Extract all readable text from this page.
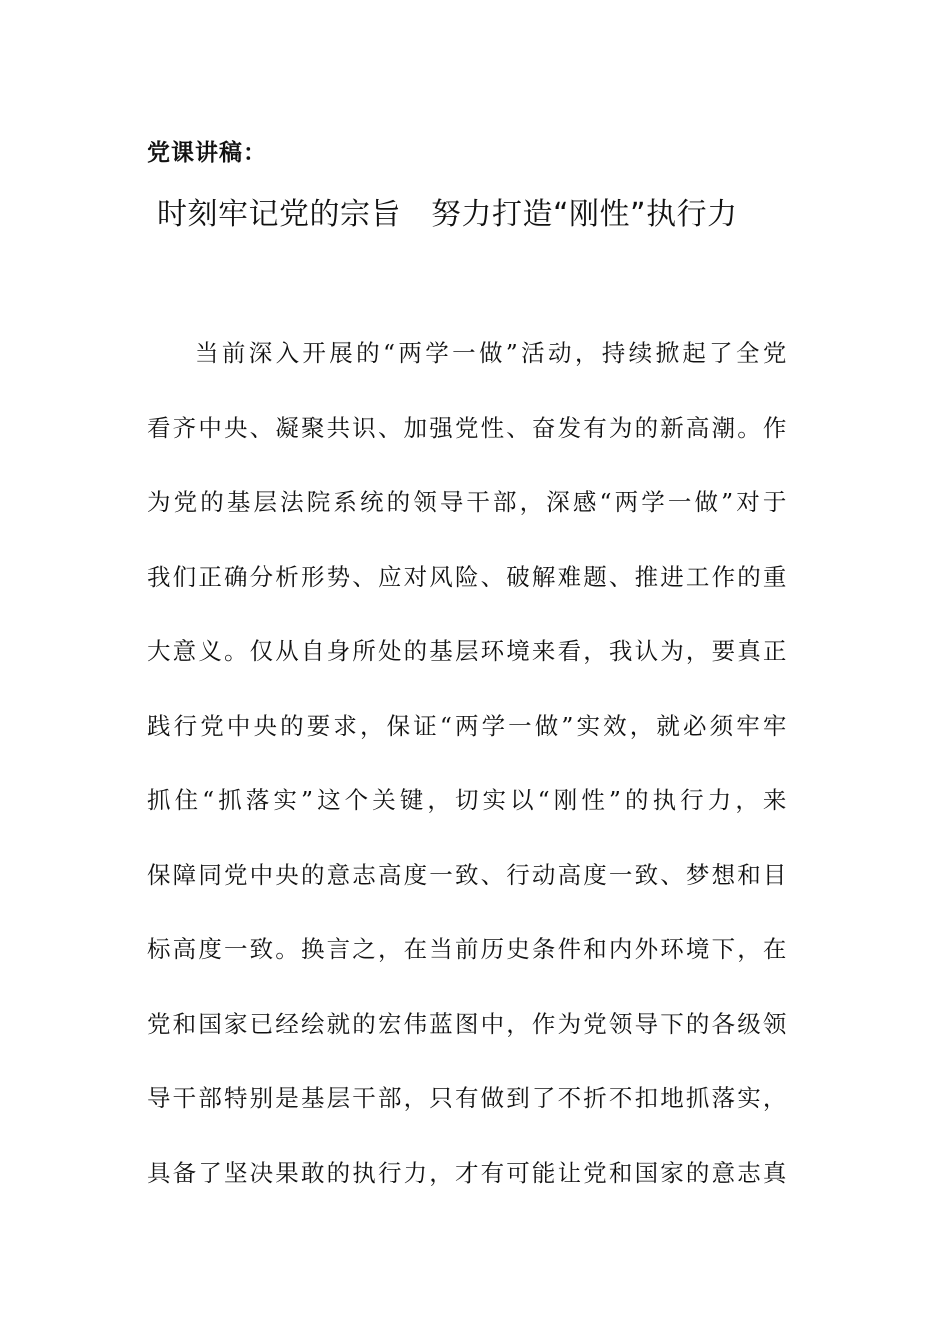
党课讲稿：
时刻牢记党的宗旨 努力打造“刚性”执行力
当前深入开展的“两学一做”活动，持续掀起了全党
看齐中央、凝聚共识、加强党性、奋发有为的新高潮。作
为党的基层法院系统的领导干部，深感“两学一做”对于
我们正确分析形势、应对风险、破解难题、推进工作的重
大意义。仅从自身所处的基层环境来看，我认为，要真正
践行党中央的要求，保证“两学一做”实效，就必须牢牢
抓住“抓落实”这个关键，切实以“刚性”的执行力，来
保障同党中央的意志高度一致、行动高度一致、梦想和目
标高度一致。换言之，在当前历史条件和内外环境下，在
党和国家已经绘就的宏伟蓝图中，作为党领导下的各级领
导干部特别是基层干部，只有做到了不折不扣地抓落实，
具备了坚决果敢的执行力，才有可能让党和国家的意志真
